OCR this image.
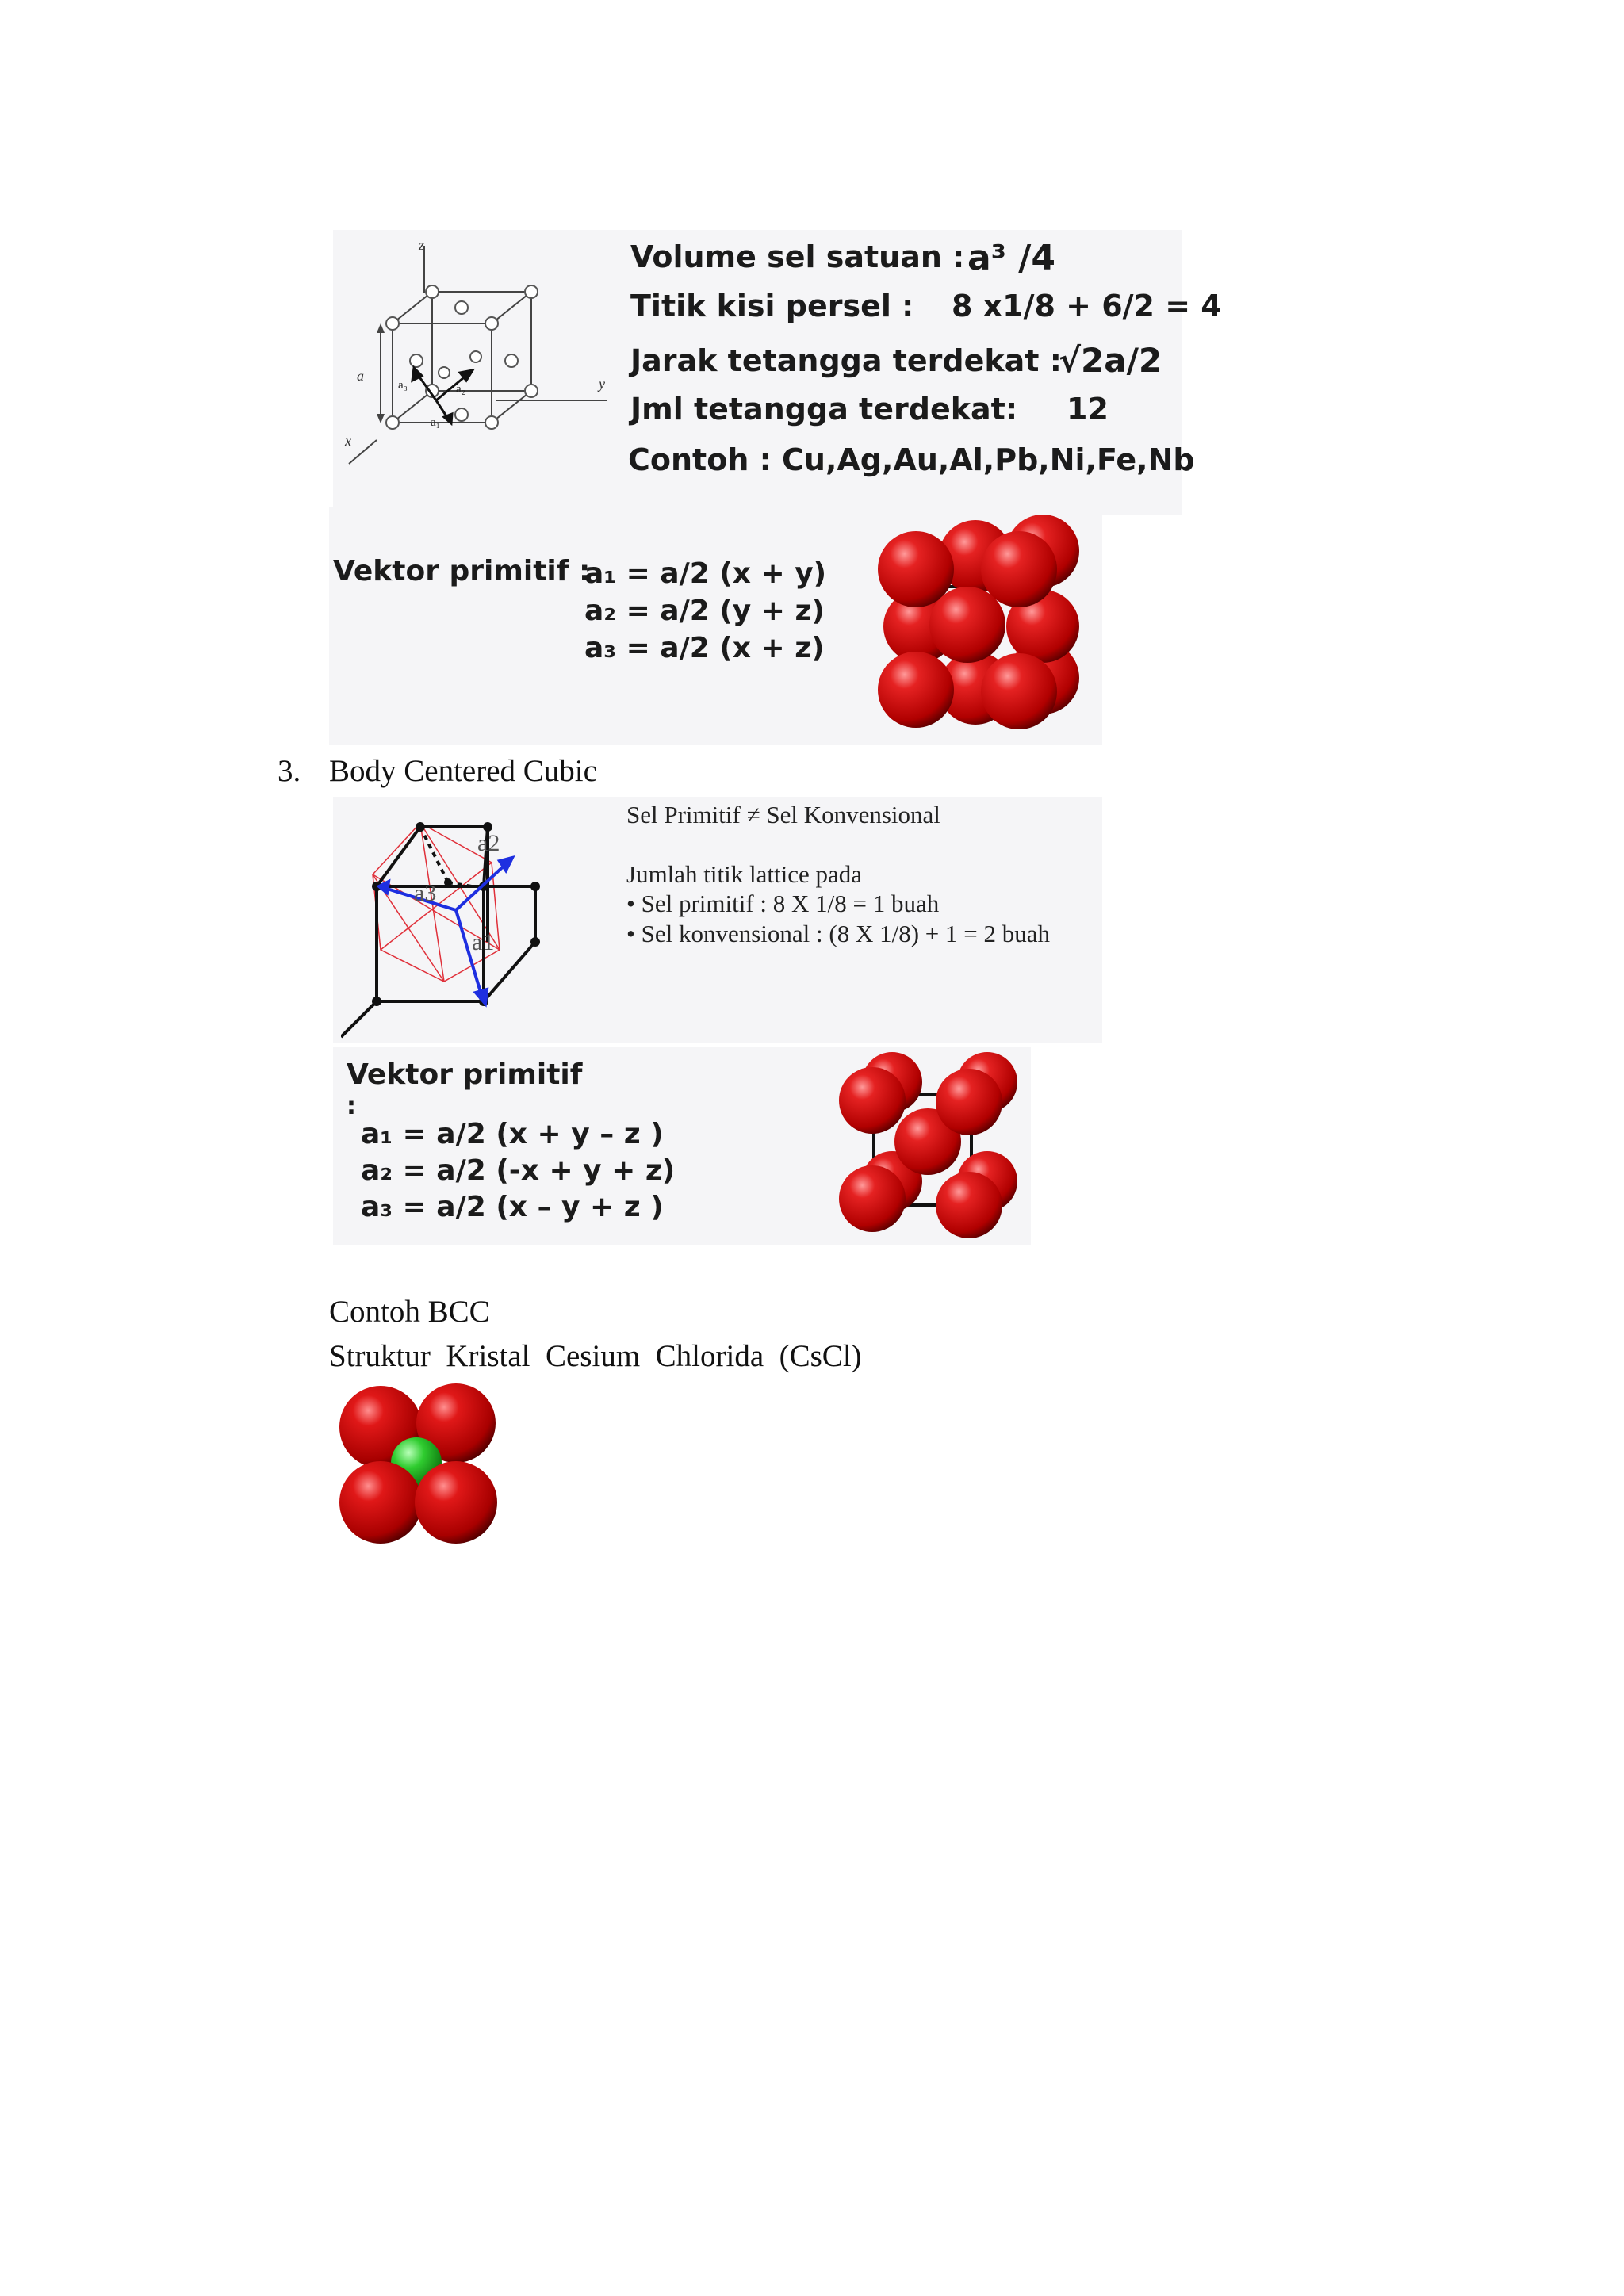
z
y
x
a
a₃	a₂
a₁
Volume sel satuan : a³ /4
Titik kisi persel : 8 x1/8 + 6/2 = 4
Jarak tetangga terdekat :
√2a/2
Jml tetangga terdekat : 12
Contoh : Cu,Ag,Au,Al,Pb,Ni,Fe,Nb
Vektor primitif :
a₁ = a/2 (x + y)
a₂ = a/2 (y + z)
a₃ = a/2 (x + z)
3. Body Centered Cubic
a1
a2
a3
Sel Primitif ≠ Sel Konvensional
Jumlah titik lattice pada
• Sel primitif : 8 X 1/8 = 1 buah
• Sel konvensional : (8 X 1/8) + 1 = 2 buah
Vektor primitif
:
a₁ = a/2 (x + y – z )
a₂ = a/2 (-x + y + z)
a₃ = a/2 (x – y + z )
Contoh BCC
Struktur  Kristal  Cesium  Chlorida  (CsCl)
